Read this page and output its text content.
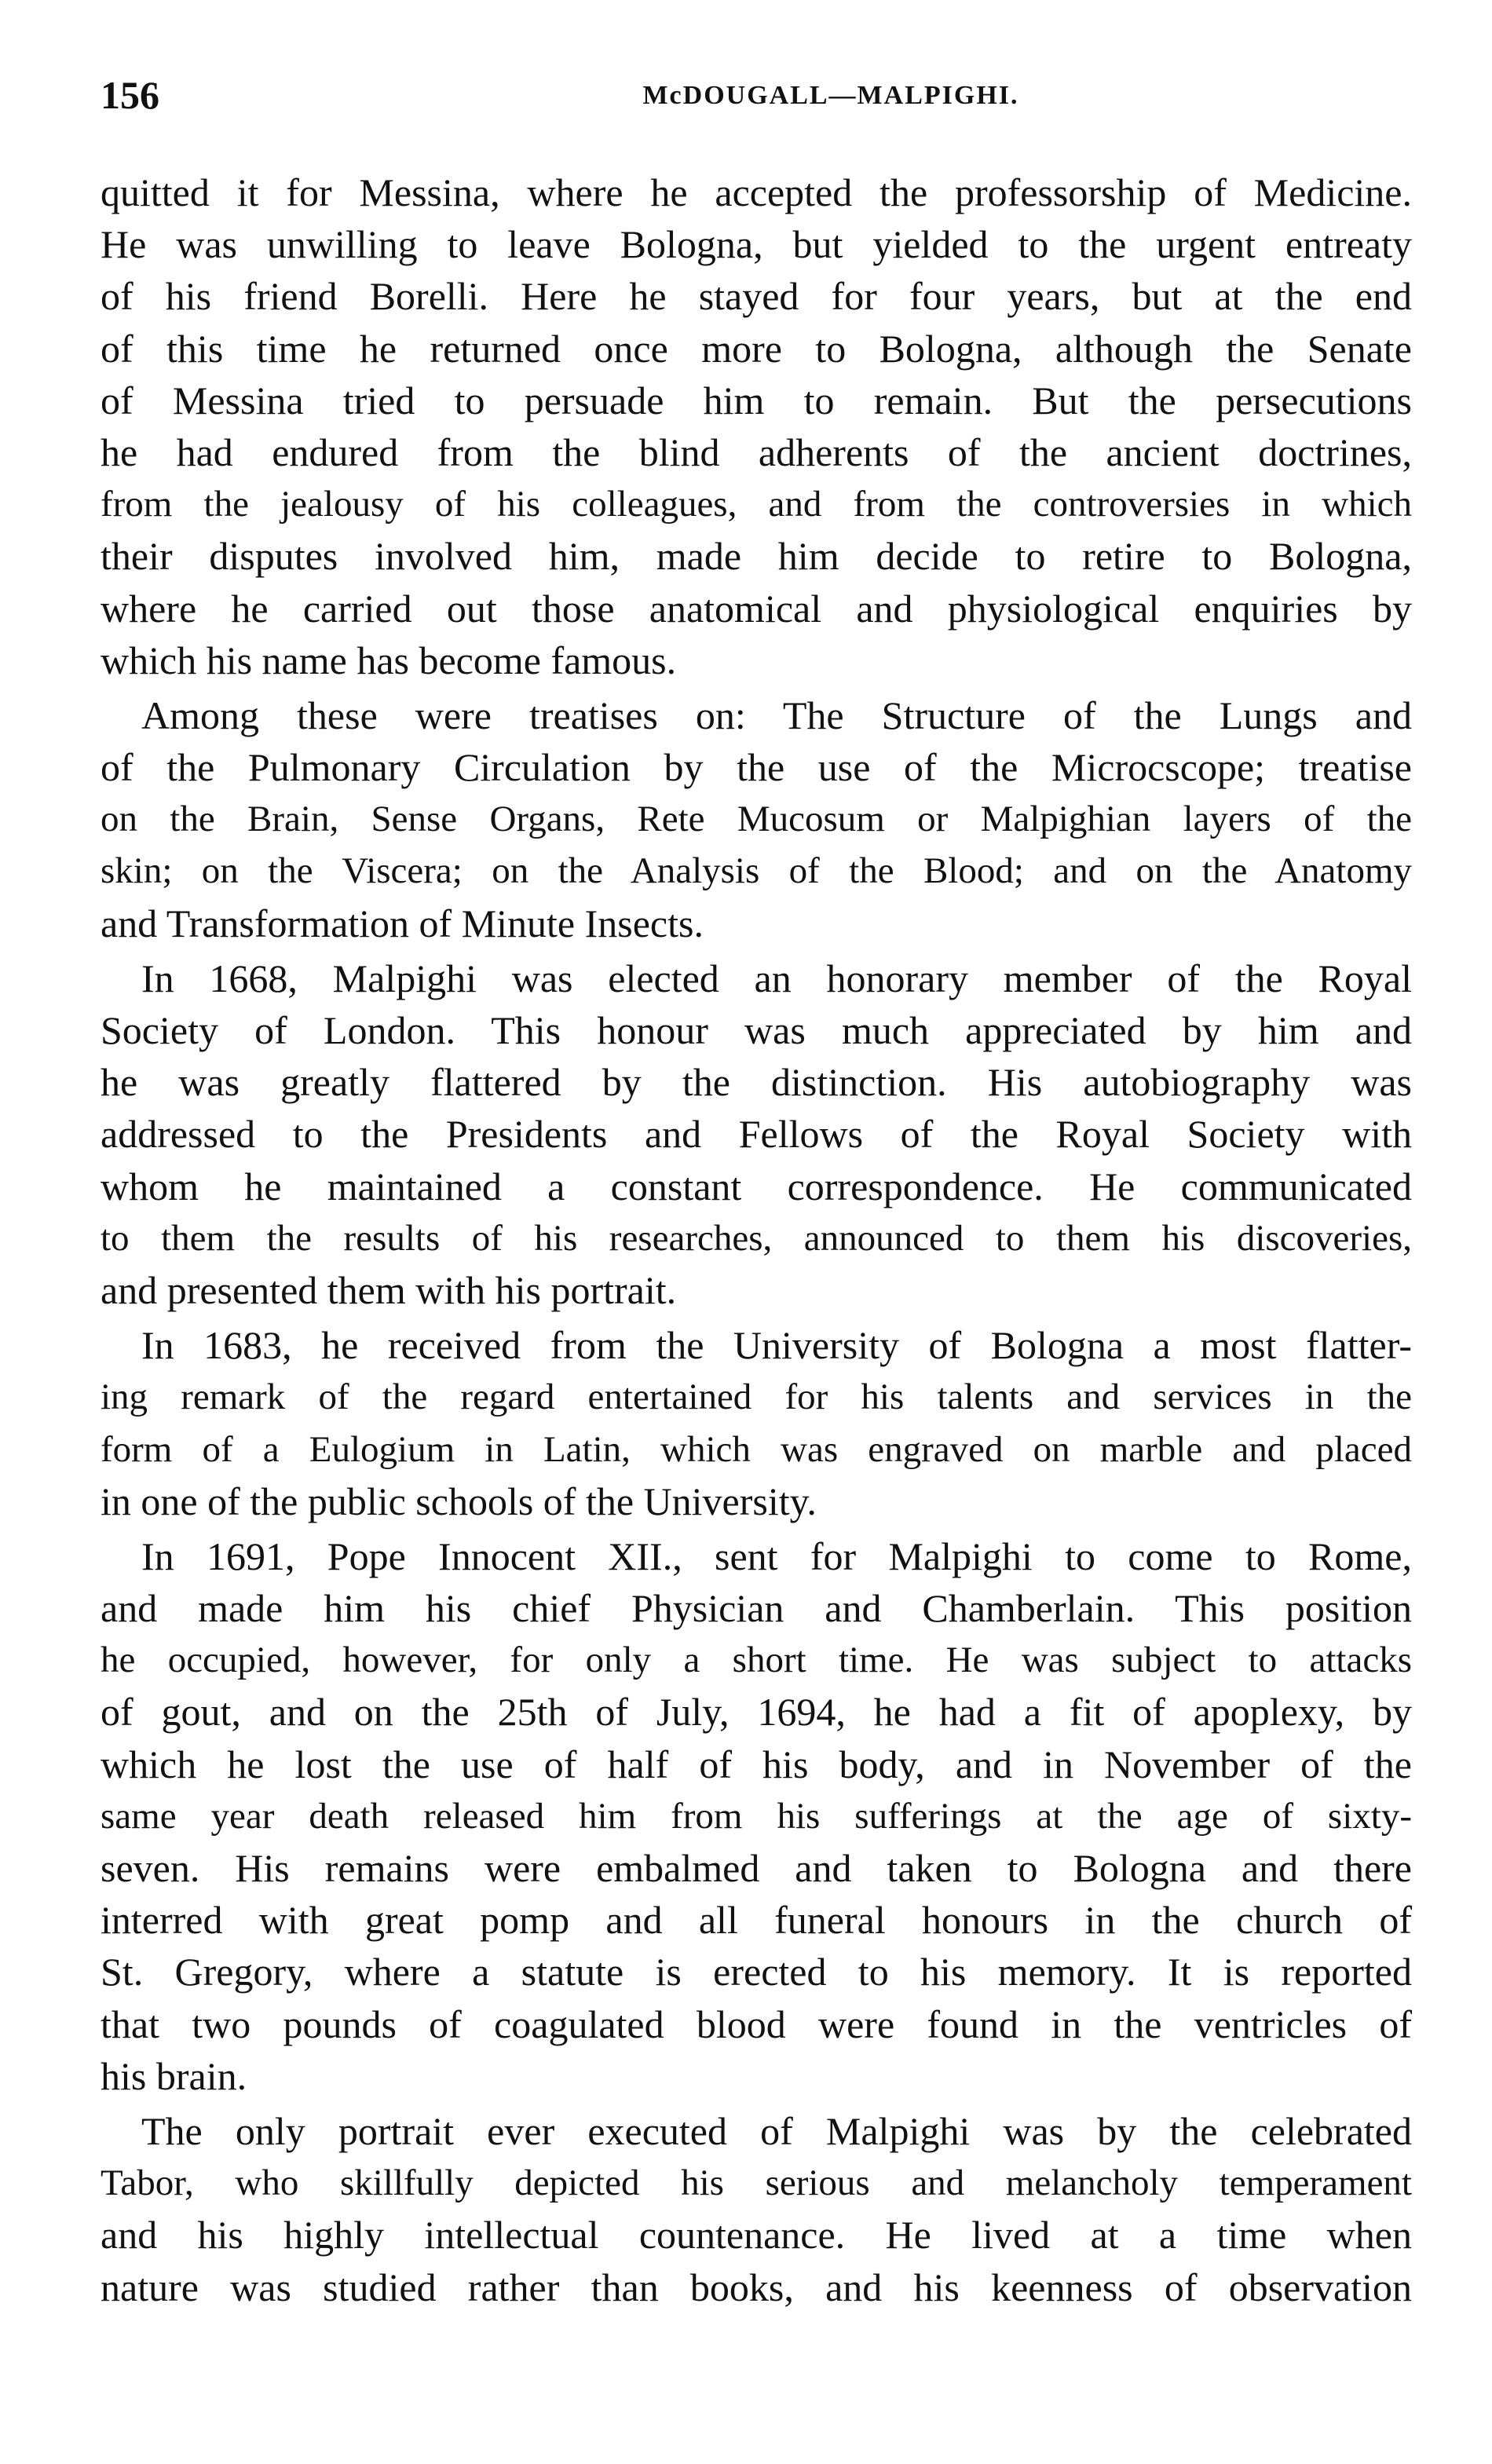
156	McDOUGALL—MALPIGHI.
quitted it for Messina, where he accepted the professorship of Medicine.
He was unwilling to leave Bologna, but yielded to the urgent entreaty
of his friend Borelli. Here he stayed for four years, but at the end
of this time he returned once more to Bologna, although the Senate
of Messina tried to persuade him to remain. But the persecutions
he had endured from the blind adherents of the ancient doctrines,
from the jealousy of his colleagues, and from the controversies in which
their disputes involved him, made him decide to retire to Bologna,
where he carried out those anatomical and physiological enquiries by
which his name has become famous.
Among these were treatises on: The Structure of the Lungs and
of the Pulmonary Circulation by the use of the Microcscope; treatise
on the Brain, Sense Organs, Rete Mucosum or Malpighian layers of the
skin; on the Viscera; on the Analysis of the Blood; and on the Anatomy
and Transformation of Minute Insects.
In 1668, Malpighi was elected an honorary member of the Royal
Society of London. This honour was much appreciated by him and
he was greatly flattered by the distinction. His autobiography was
addressed to the Presidents and Fellows of the Royal Society with
whom he maintained a constant correspondence. He communicated
to them the results of his researches, announced to them his discoveries,
and presented them with his portrait.
In 1683, he received from the University of Bologna a most flatter-
ing remark of the regard entertained for his talents and services in the
form of a Eulogium in Latin, which was engraved on marble and placed
in one of the public schools of the University.
In 1691, Pope Innocent XII., sent for Malpighi to come to Rome,
and made him his chief Physician and Chamberlain. This position
he occupied, however, for only a short time. He was subject to attacks
of gout, and on the 25th of July, 1694, he had a fit of apoplexy, by
which he lost the use of half of his body, and in November of the
same year death released him from his sufferings at the age of sixty-
seven. His remains were embalmed and taken to Bologna and there
interred with great pomp and all funeral honours in the church of
St. Gregory, where a statute is erected to his memory. It is reported
that two pounds of coagulated blood were found in the ventricles of
his brain.
The only portrait ever executed of Malpighi was by the celebrated
Tabor, who skillfully depicted his serious and melancholy temperament
and his highly intellectual countenance. He lived at a time when
nature was studied rather than books, and his keenness of observation
